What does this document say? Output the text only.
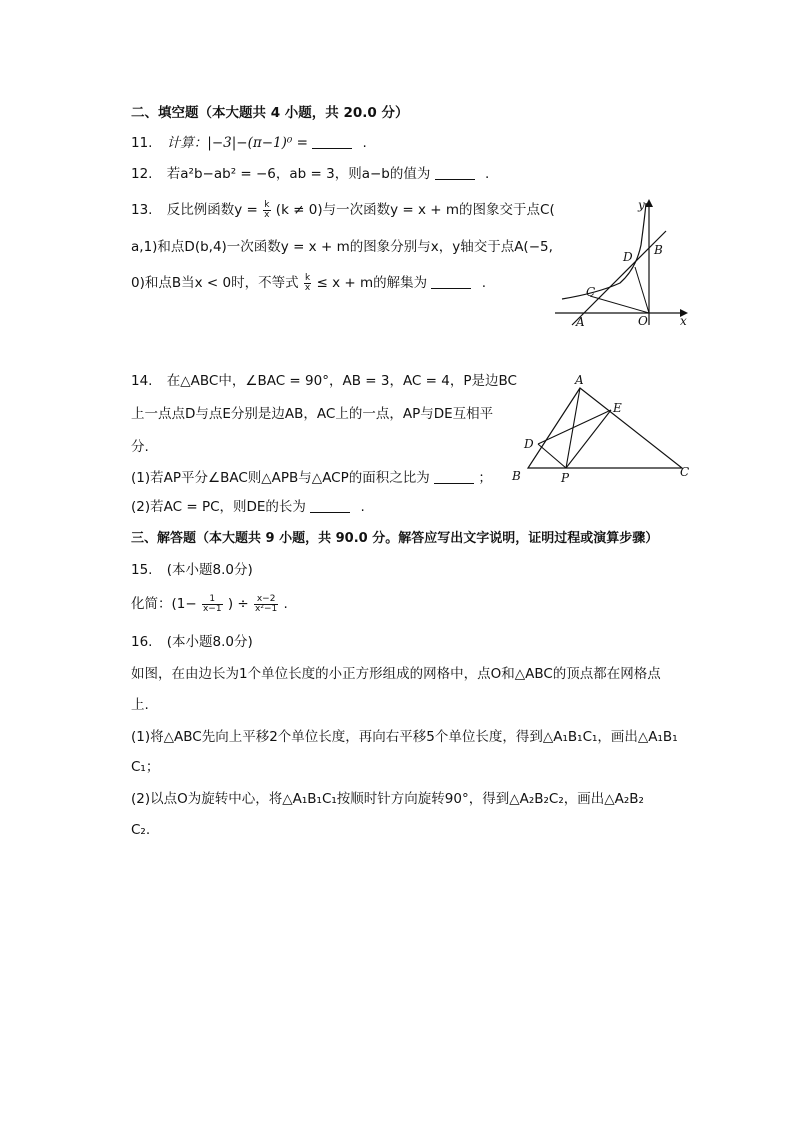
二、填空题（本大题共 4 小题，共 20.0 分）
11. 计算：|−3|−(π−1)⁰ =	.
12. 若a²b−ab² = −6，ab = 3，则a−b的值为	.
13. 反比例函数$y = \frac{k}{x} (k \ne 0)$与一次函数y = x + m的图象交于点C(
a,1)和点D(b,4)一次函数y = x + m的图象分别与x，y轴交于点A(−5,
0)和点B当x < 0时，不等式 $\frac{k}{x} \le x + m$的解集为	.
y
x
O
A
B
C
D
14. 在△ABC中，∠BAC = 90°，AB = 3，AC = 4，P是边BC
上一点点D与点E分别是边AB，AC上的一点，AP与DE互相平
分.
(1)若AP平分∠BAC则△APB与△ACP的面积之比为	；
(2)若AC = PC，则DE的长为	.
A
B	C
D
E
P
三、解答题（本大题共 9 小题，共 90.0 分。解答应写出文字说明，证明过程或演算步骤）
15. (本小题8.0分)
化简：($1- \frac{1}{x-1}$ ) ÷ $\frac{x-2}{\text{x²−1}}$ .
16. (本小题8.0分)
如图，在由边长为1个单位长度的小正方形组成的网格中，点O和△ABC的顶点都在网格点
上.
(1)将△ABC先向上平移2个单位长度，再向右平移5个单位长度，得到△A₁B₁C₁，画出△A₁B₁
C₁；
(2)以点O为旋转中心，将△A₁B₁C₁按顺时针方向旋转90°，得到△A₂B₂C₂，画出△A₂B₂
C₂.
